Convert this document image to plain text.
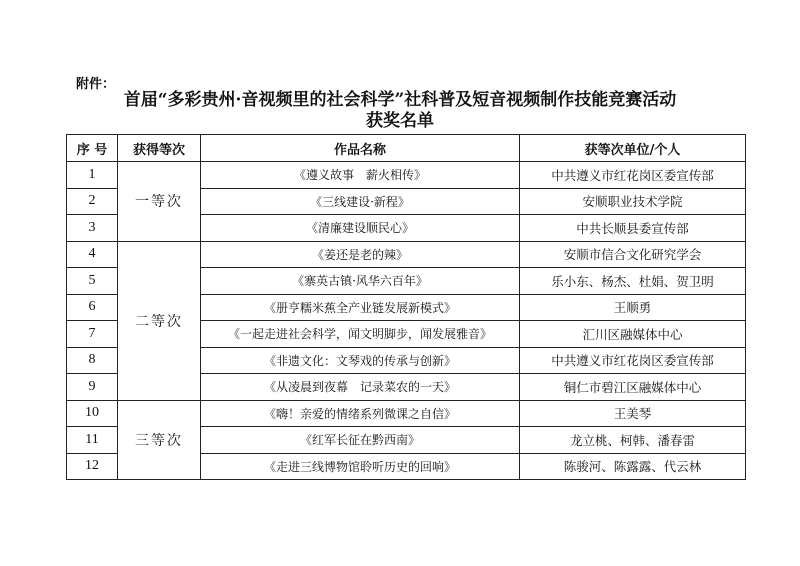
附件：
首届“多彩贵州·音视频里的社会科学”社科普及短音视频制作技能竞赛活动
获奖名单
序 号	获得等次	作品名称	获等次单位/个人
1	一等次	《遵义故事　薪火相传》	中共遵义市红花岗区委宣传部
2		《三线建设·新程》	安顺职业技术学院
3		《清廉建设顺民心》	中共长顺县委宣传部
4	二等次	《姜还是老的辣》	安顺市信合文化研究学会
5		《寨英古镇·风华六百年》	乐小东、杨杰、杜娟、贺卫明
6		《册亨糯米蕉全产业链发展新模式》	王顺勇
7		《一起走进社会科学，闻文明脚步，闻发展雅音》	汇川区融媒体中心
8		《非遗文化：文琴戏的传承与创新》	中共遵义市红花岗区委宣传部
9		《从凌晨到夜幕　记录菜农的一天》	铜仁市碧江区融媒体中心
10	三等次	《嗨！亲爱的情绪系列微课之自信》	王美琴
11		《红军长征在黔西南》	龙立桃、柯韩、潘春雷
12		《走进三线博物馆聆听历史的回响》	陈骏河、陈露露、代云林
